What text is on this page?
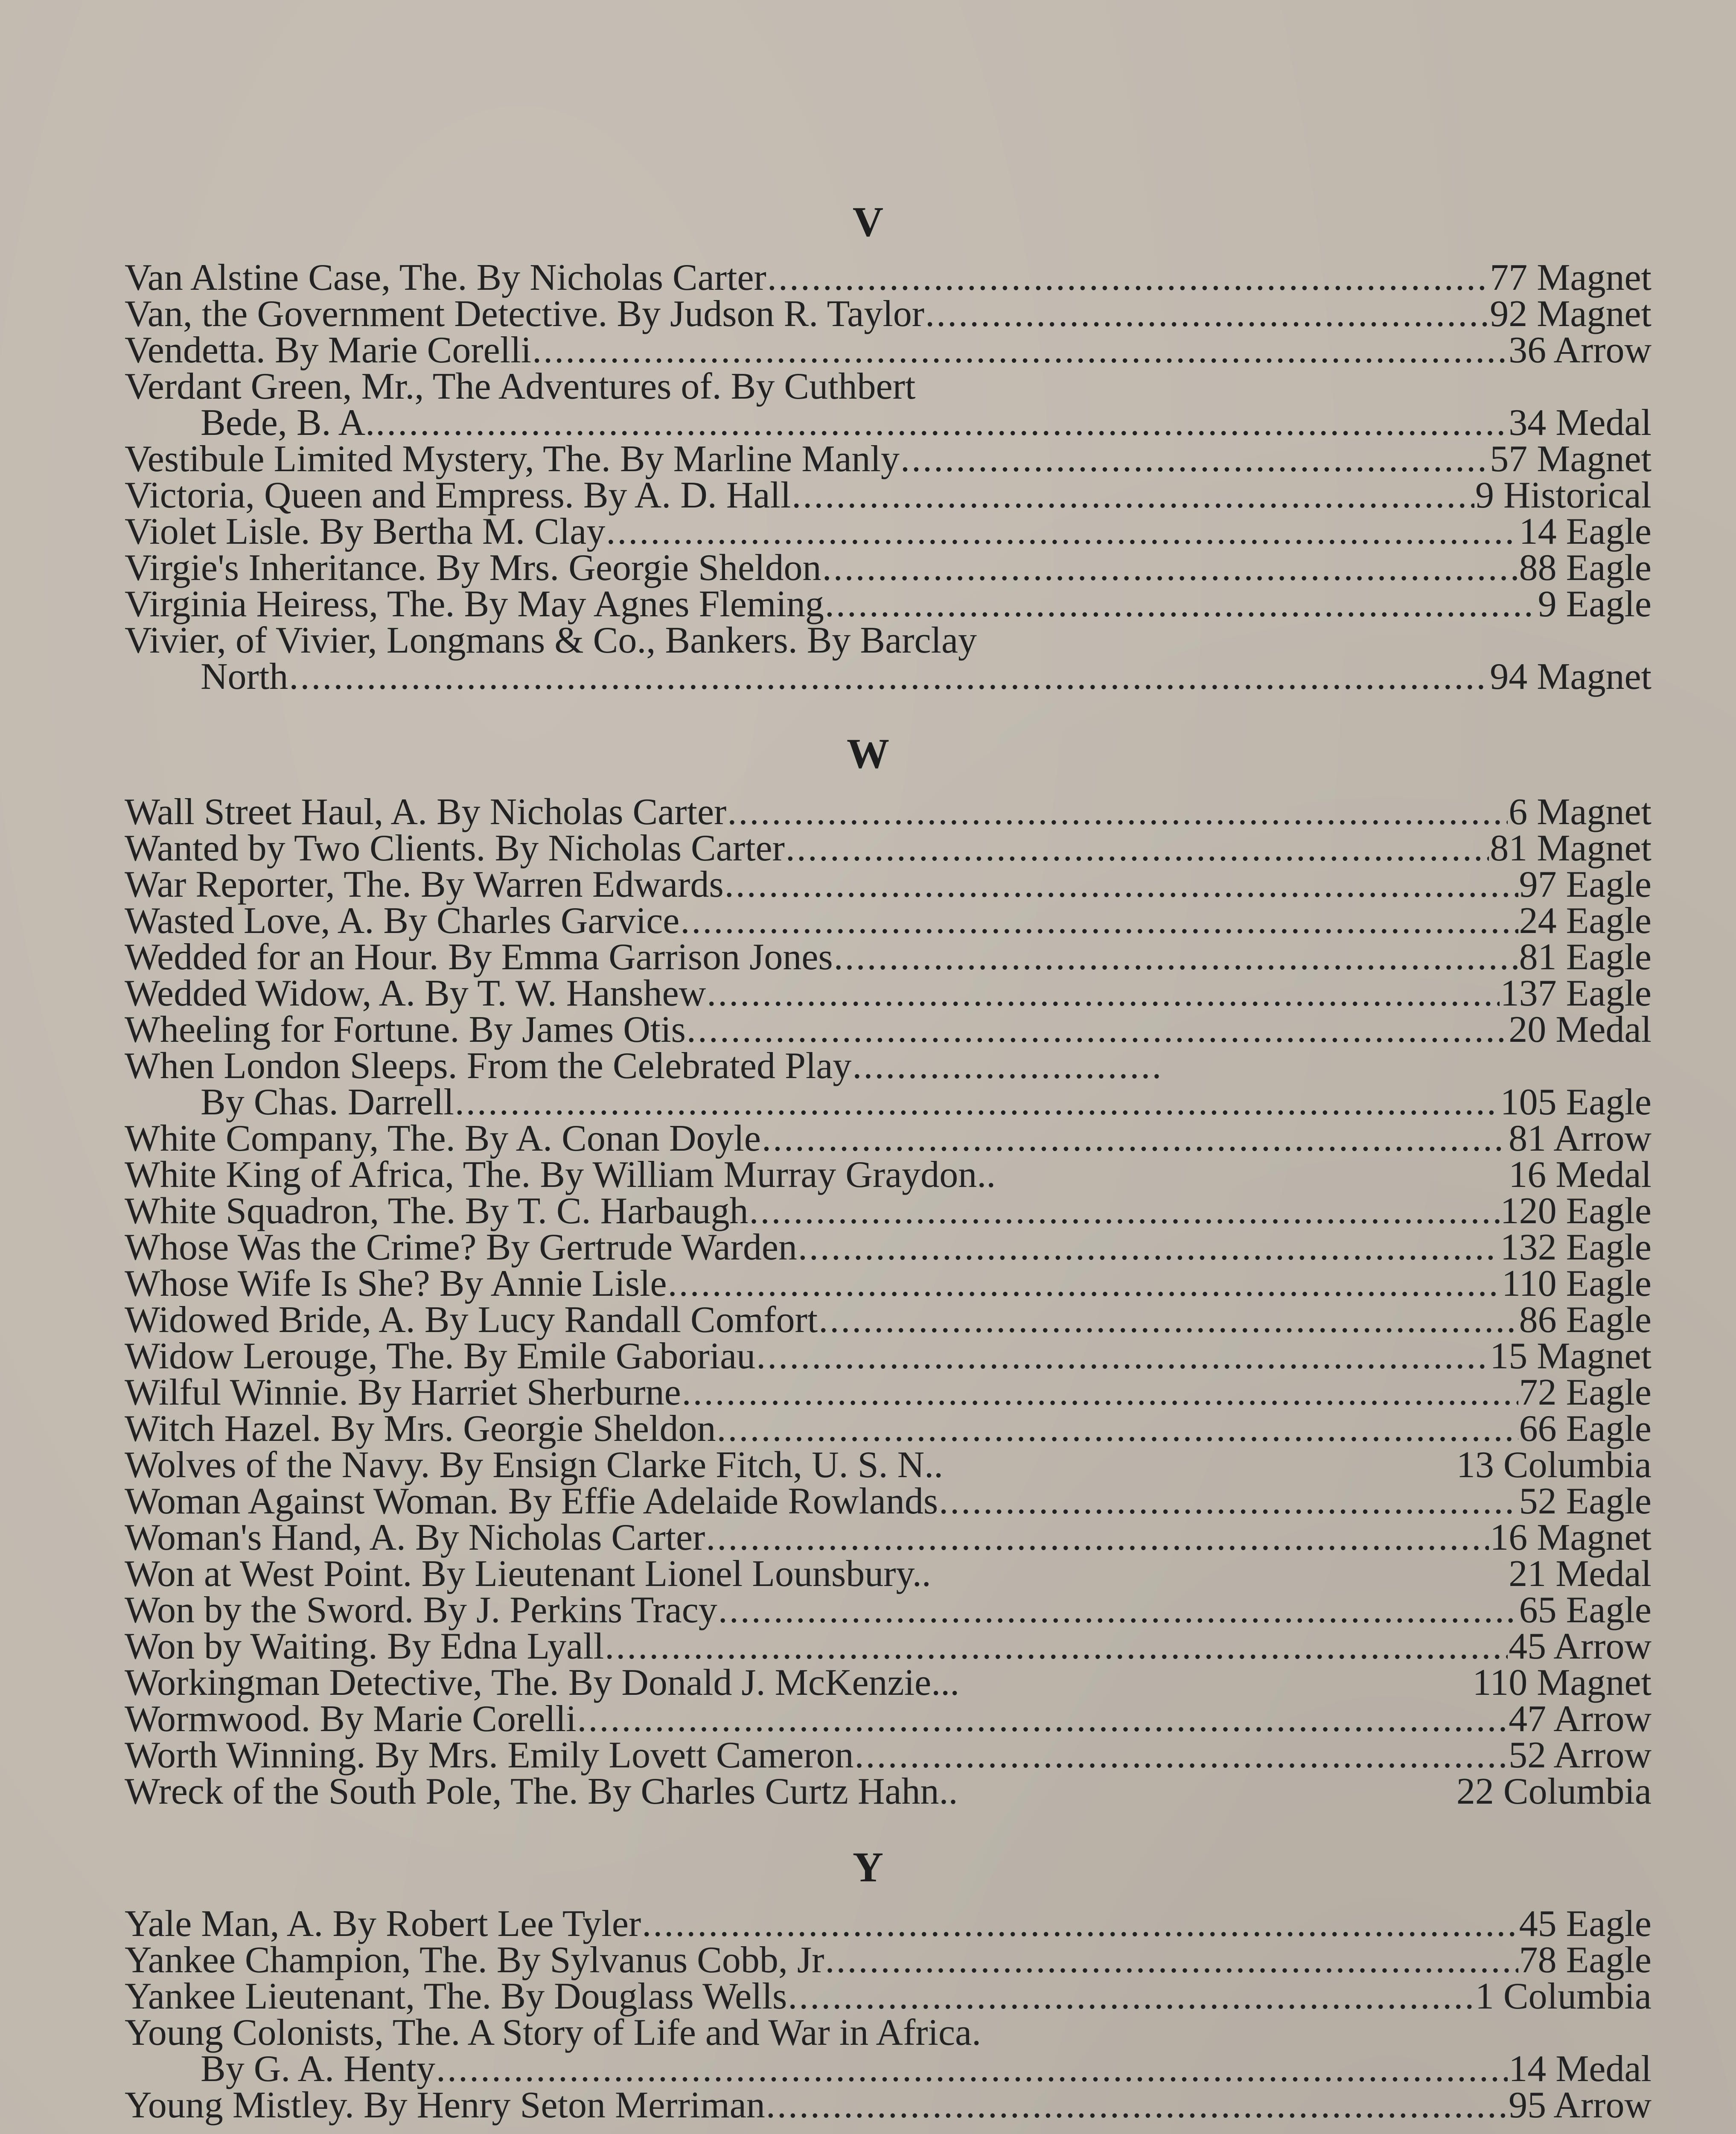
V
Van Alstine Case, The. By Nicholas Carter .....	77 Magnet
Van, the Government Detective. By Judson R. Taylor .....	92 Magnet
Vendetta. By Marie Corelli .....	36 Arrow
Verdant Green, Mr., The Adventures of. By Cuthbert
Bede, B. A. .....	34 Medal
Vestibule Limited Mystery, The. By Marline Manly .....	57 Magnet
Victoria, Queen and Empress. By A. D. Hall .....	9 Historical
Violet Lisle. By Bertha M. Clay .....	14 Eagle
Virgie's Inheritance. By Mrs. Georgie Sheldon .....	88 Eagle
Virginia Heiress, The. By May Agnes Fleming .....	9 Eagle
Vivier, of Vivier, Longmans & Co., Bankers. By Barclay
North .....	94 Magnet
W
Wall Street Haul, A. By Nicholas Carter .....	6 Magnet
Wanted by Two Clients. By Nicholas Carter .....	81 Magnet
War Reporter, The. By Warren Edwards .....	97 Eagle
Wasted Love, A. By Charles Garvice .....	24 Eagle
Wedded for an Hour. By Emma Garrison Jones .....	81 Eagle
Wedded Widow, A. By T. W. Hanshew .....	137 Eagle
Wheeling for Fortune. By James Otis .....	20 Medal
When London Sleeps. From the Celebrated Play
.....
By Chas. Darrell .....	105 Eagle
White Company, The. By A. Conan Doyle .....	81 Arrow
White King of Africa, The. By William Murray Graydon..	16 Medal
White Squadron, The. By T. C. Harbaugh .....	120 Eagle
Whose Was the Crime? By Gertrude Warden .....	132 Eagle
Whose Wife Is She? By Annie Lisle .....	110 Eagle
Widowed Bride, A. By Lucy Randall Comfort .....	86 Eagle
Widow Lerouge, The. By Emile Gaboriau .....	15 Magnet
Wilful Winnie. By Harriet Sherburne .....	72 Eagle
Witch Hazel. By Mrs. Georgie Sheldon .....	66 Eagle
Wolves of the Navy. By Ensign Clarke Fitch, U. S. N..	13 Columbia
Woman Against Woman. By Effie Adelaide Rowlands .....	52 Eagle
Woman's Hand, A. By Nicholas Carter .....	16 Magnet
Won at West Point. By Lieutenant Lionel Lounsbury..	21 Medal
Won by the Sword. By J. Perkins Tracy .....	65 Eagle
Won by Waiting. By Edna Lyall .....	45 Arrow
Workingman Detective, The. By Donald J. McKenzie...	110 Magnet
Wormwood. By Marie Corelli .....	47 Arrow
Worth Winning. By Mrs. Emily Lovett Cameron .....	52 Arrow
Wreck of the South Pole, The. By Charles Curtz Hahn..	22 Columbia
Y
Yale Man, A. By Robert Lee Tyler .....	45 Eagle
Yankee Champion, The. By Sylvanus Cobb, Jr .....	78 Eagle
Yankee Lieutenant, The. By Douglass Wells .....	1 Columbia
Young Colonists, The. A Story of Life and War in Africa.
By G. A. Henty .....	14 Medal
Young Mistley. By Henry Seton Merriman .....	95 Arrow
